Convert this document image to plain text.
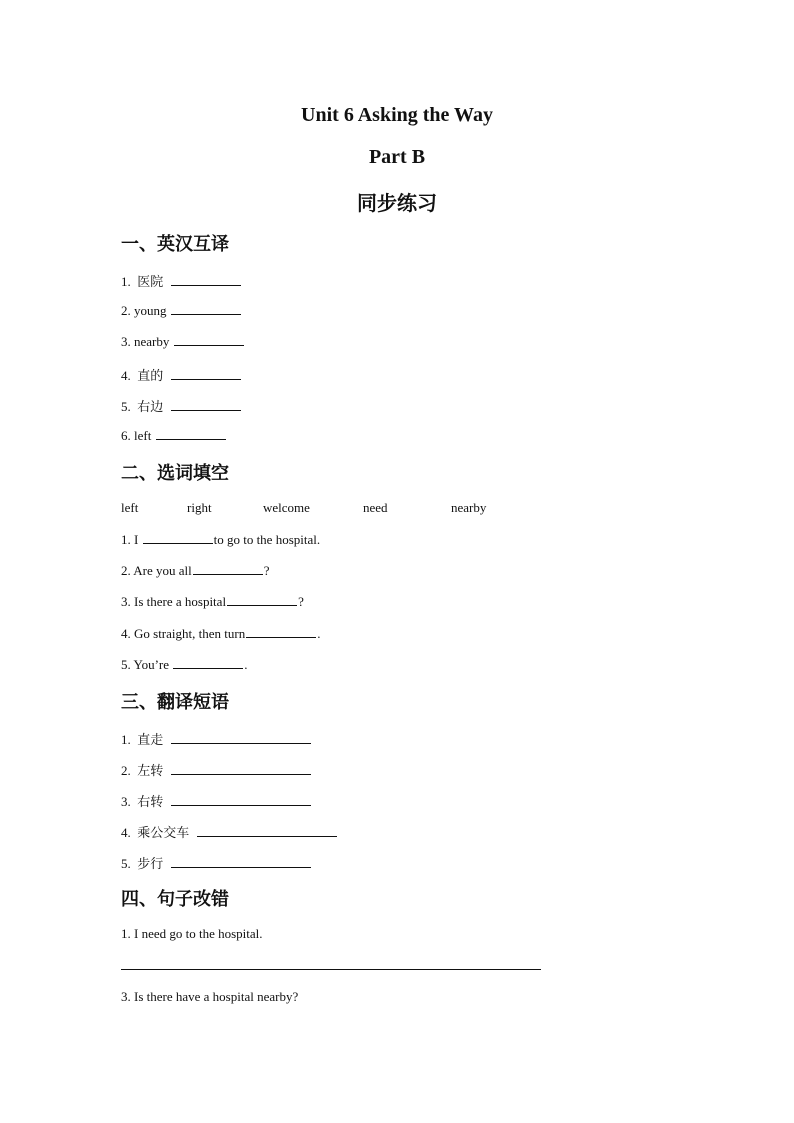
Unit 6 Asking the Way
Part B
同步练习
一、英汉互译
1. 医院
2. young
3. nearby
4. 直的
5. 右边
6. left
二、选词填空
left	right	welcome	need	nearby
1. I	to go to the hospital.
2. Are you all	?
3. Is there a hospital	?
4. Go straight, then turn	.
5. You’re	.
三、翻译短语
1. 直走
2. 左转
3. 右转
4. 乘公交车
5. 步行
四、句子改错
1. I need go to the hospital.
3. Is there have a hospital nearby?
